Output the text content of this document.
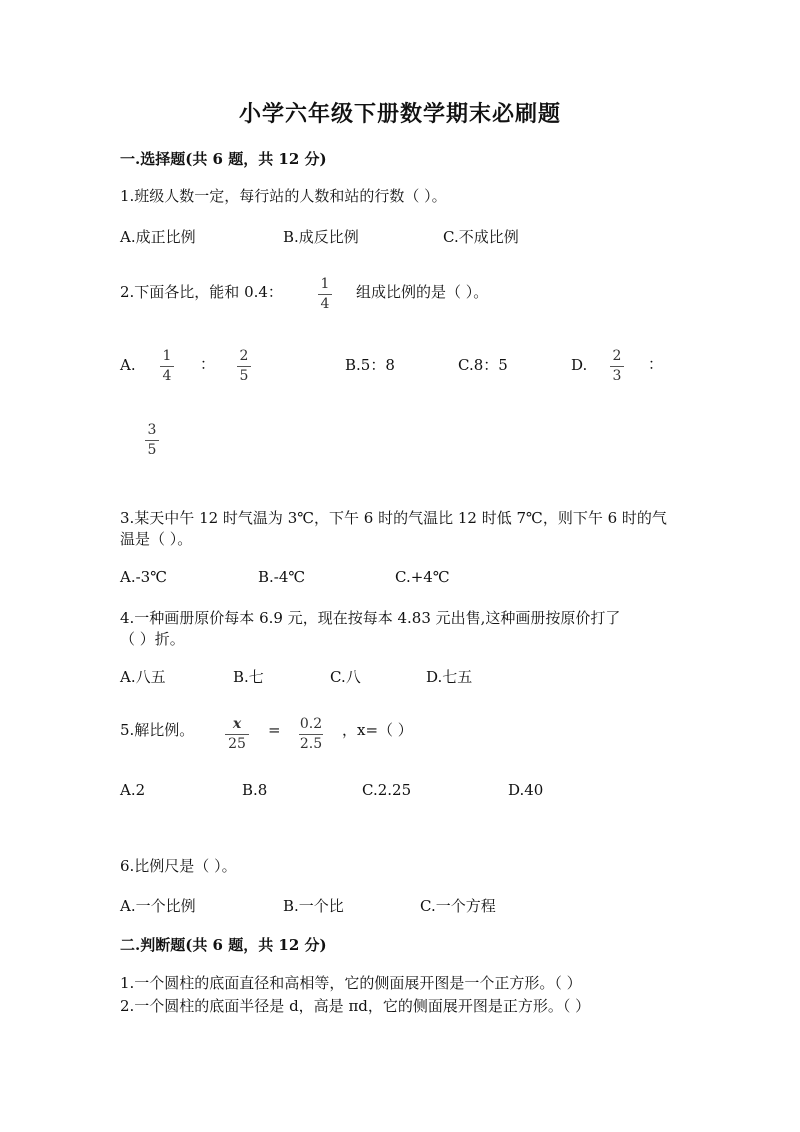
小学六年级下册数学期末必刷题
一.选择题(共 6 题，共 12 分)
1.班级人数一定，每行站的人数和站的行数（ ）。
A.成正比例	B.成反比例	C.不成比例
2.下面各比，能和 0.4：	1
4
组成比例的是（ ）。
A. 1
4
： 2
5
B.5：8	C.8：5	D. 2
3
：
3
5
3.某天中午 12 时气温为 3℃，下午 6 时的气温比 12 时低 7℃，则下午 6 时的气
温是（ ）。
A.-3℃	B.-4℃	C.+4℃
4.一种画册原价每本 6.9 元，现在按每本 4.83 元出售,这种画册按原价打了
（ ）折。
A.八五	B.七	C.八	D.七五
5.解比例。	x
25
= 0.2
2.5
，x=（ ）
A.2	B.8	C.2.25	D.40
6.比例尺是（ ）。
A.一个比例	B.一个比	C.一个方程
二.判断题(共 6 题，共 12 分)
1.一个圆柱的底面直径和高相等，它的侧面展开图是一个正方形。（ ）
2.一个圆柱的底面半径是 d，高是 πd，它的侧面展开图是正方形。（ ）
